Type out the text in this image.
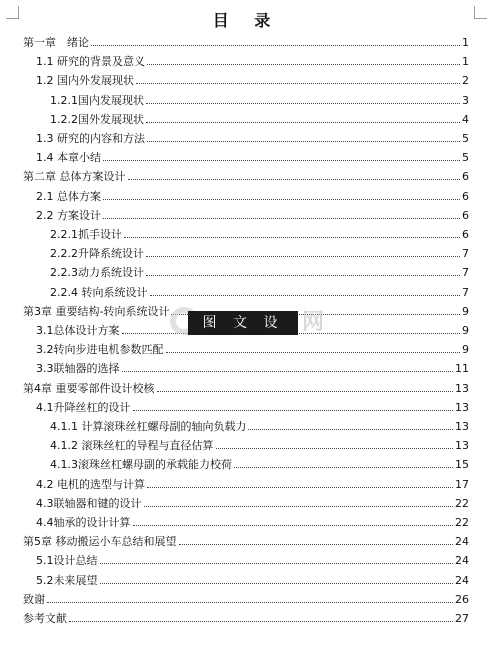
目 录
第一章　绪论	1
1.1 研究的背景及意义	1
1.2 国内外发展现状	2
1.2.1国内发展现状	3
1.2.2国外发展现状	4
1.3 研究的内容和方法	5
1.4 本章小结	5
第二章 总体方案设计	6
2.1 总体方案	6
2.2 方案设计	6
2.2.1抓手设计	6
2.2.2升降系统设计	7
2.2.3动力系统设计	7
2.2.4 转向系统设计	7
第3章 重要结构-转向系统设计	9
3.1总体设计方案	9
3.2转向步进电机参数匹配	9
3.3联轴器的选择	11
第4章 重要零部件设计校核	13
4.1升降丝杠的设计	13
4.1.1 计算滚珠丝杠螺母副的轴向负载力	13
4.1.2 滚珠丝杠的导程与直径估算	13
4.1.3滚珠丝杠螺母副的承载能力校荷	15
4.2 电机的选型与计算	17
4.3联轴器和键的设计	22
4.4轴承的设计计算	22
第5章 移动搬运小车总结和展望	24
5.1设计总结	24
5.2未来展望	24
致谢	26
参考文献	27
图 文 设 计
网
